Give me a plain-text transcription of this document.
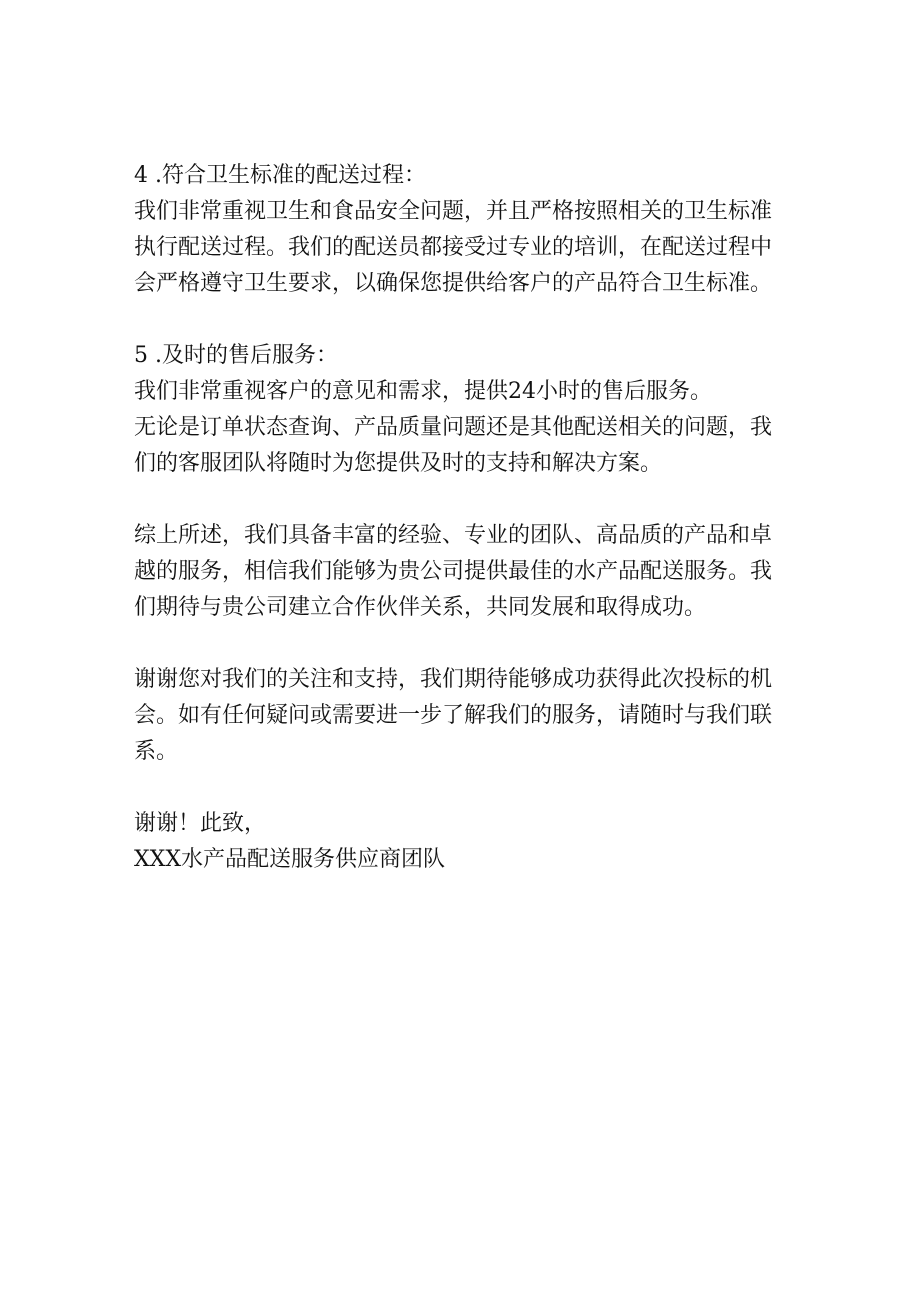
4 .符合卫生标准的配送过程：
我们非常重视卫生和食品安全问题，并且严格按照相关的卫生标准
执行配送过程。我们的配送员都接受过专业的培训，在配送过程中
会严格遵守卫生要求，以确保您提供给客户的产品符合卫生标准。
5 .及时的售后服务：
我们非常重视客户的意见和需求，提供24小时的售后服务。
无论是订单状态查询、产品质量问题还是其他配送相关的问题，我
们的客服团队将随时为您提供及时的支持和解决方案。
综上所述，我们具备丰富的经验、专业的团队、高品质的产品和卓
越的服务，相信我们能够为贵公司提供最佳的水产品配送服务。我
们期待与贵公司建立合作伙伴关系，共同发展和取得成功。
谢谢您对我们的关注和支持，我们期待能够成功获得此次投标的机
会。如有任何疑问或需要进一步了解我们的服务，请随时与我们联
系。
谢谢！此致，
XXX水产品配送服务供应商团队
